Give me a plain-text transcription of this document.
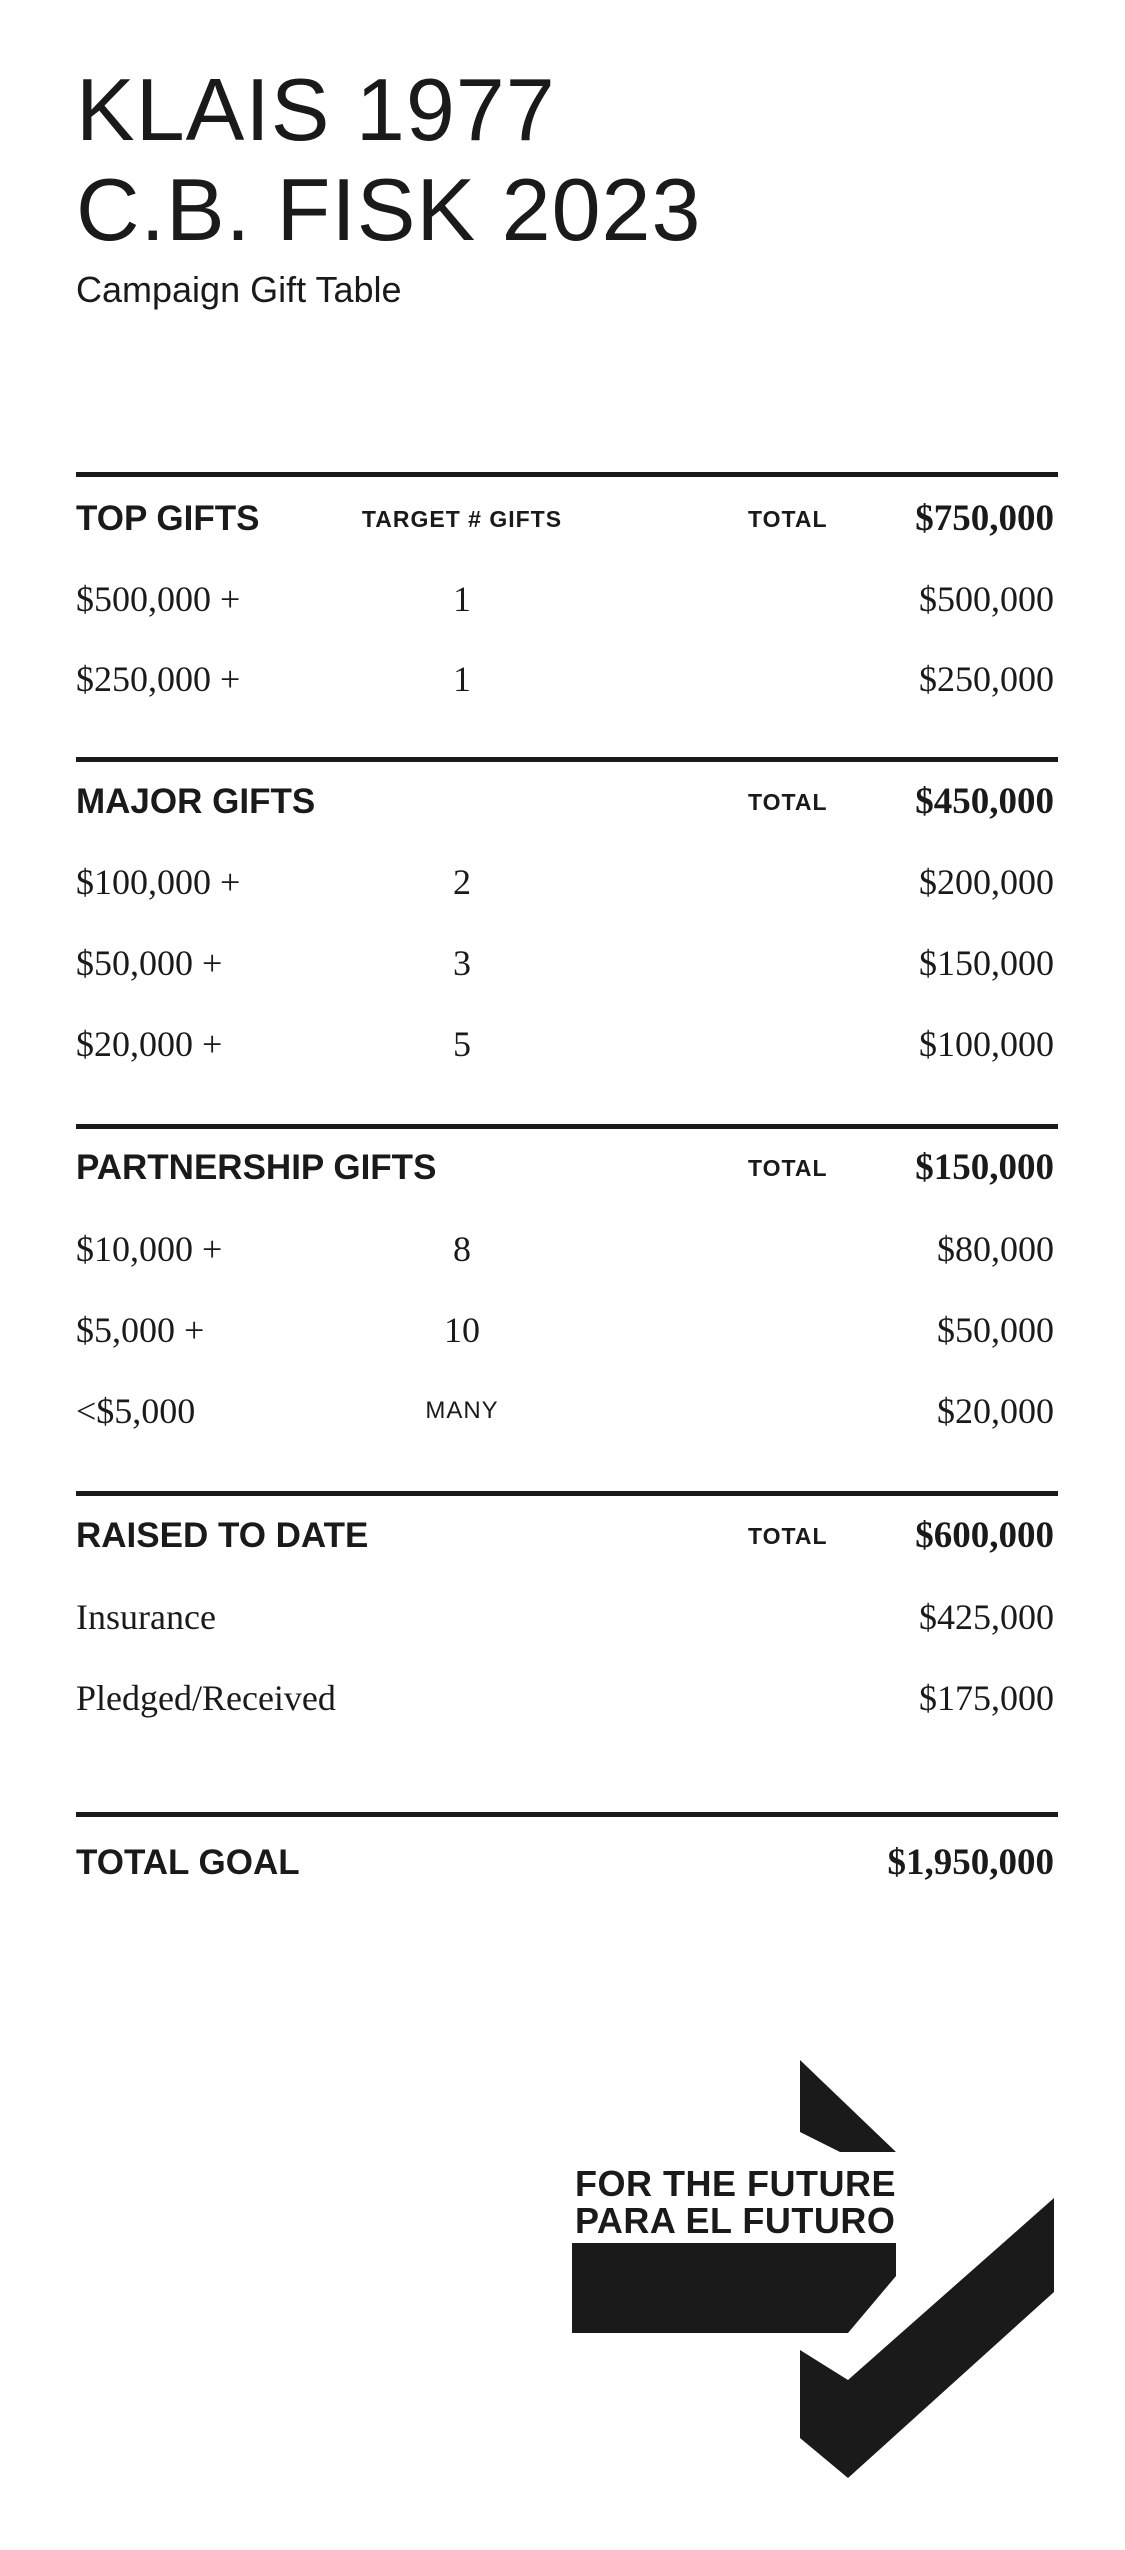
KLAIS 1977
C.B. FISK 2023
Campaign Gift Table
TOP GIFTS	TARGET # GIFTS	TOTAL $750,000
$500,000 +	1	$500,000
$250,000 +	1	$250,000
MAJOR GIFTS	TOTAL $450,000
$100,000 +	2	$200,000
$50,000 +	3	$150,000
$20,000 +	5	$100,000
PARTNERSHIP GIFTS	TOTAL $150,000
$10,000 +	8	$80,000
$5,000 +	10	$50,000
<$5,000	MANY	$20,000
RAISED TO DATE	TOTAL $600,000
Insurance	$425,000
Pledged/Received	$175,000
TOTAL GOAL	$1,950,000
FOR THE FUTURE
PARA EL FUTURO
